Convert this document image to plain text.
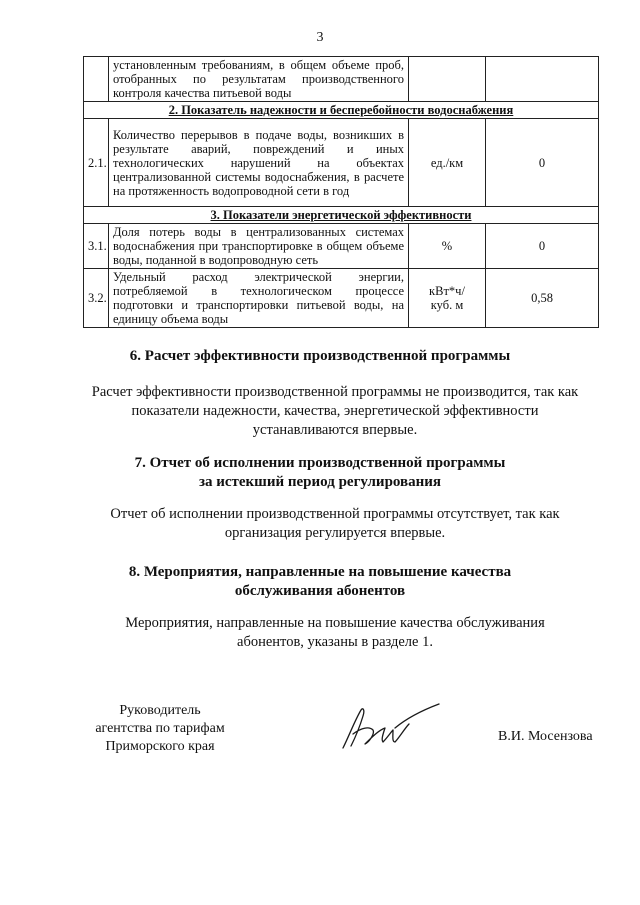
3
	установленным требованиям, в общем объеме проб, отобранных по результатам производственного контроля качества питьевой воды		
2. Показатель надежности и бесперебойности водоснабжения			
2.1.	Количество перерывов в подаче воды, возникших в результате аварий, повреждений и иных технологических нарушений на объектах централизованной системы водоснабжения, в расчете на протяженность водопроводной сети в год	ед./км	0
3. Показатели энергетической эффективности			
3.1.	Доля потерь воды в централизованных системах водоснабжения при транспортировке в общем объеме воды, поданной в водопроводную сеть	%	0
3.2.	Удельный расход электрической энергии, потребляемой в технологическом процессе подготовки и транспортировки питьевой воды, на единицу объема воды	кВт*ч/
куб. м	0,58
6. Расчет эффективности производственной программы
Расчет эффективности производственной программы не производится, так как
показатели надежности, качества, энергетической эффективности
устанавливаются впервые.
7. Отчет об исполнении производственной программы
за истекший период регулирования
Отчет об исполнении производственной программы отсутствует, так как
организация регулируется впервые.
8. Мероприятия, направленные на повышение качества
обслуживания абонентов
Мероприятия, направленные на повышение качества обслуживания
абонентов, указаны в разделе 1.
Руководитель
агентства по тарифам
Приморского края
В.И. Мосензова
